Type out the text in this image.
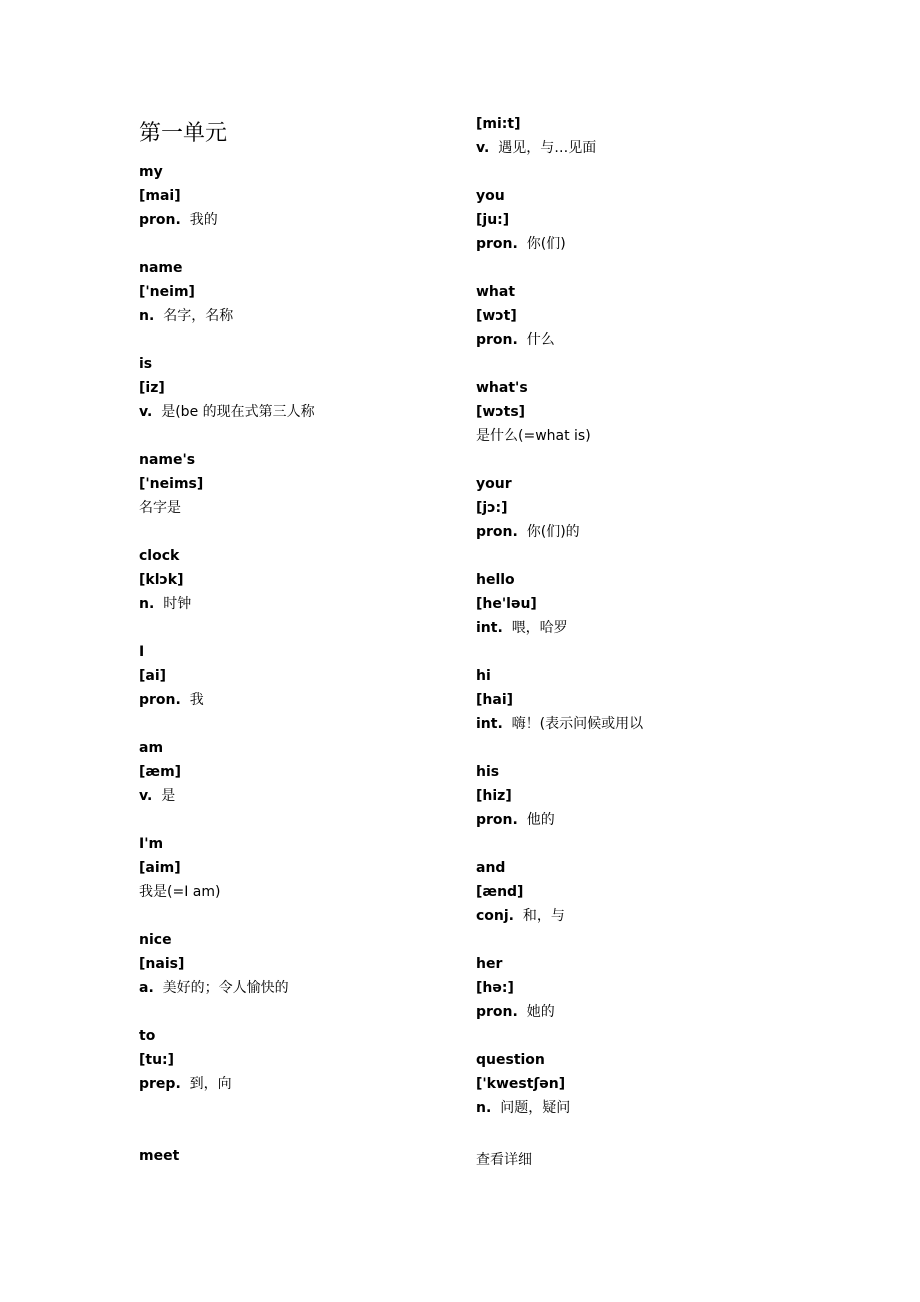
第一单元
my
[mai]
pron. 我的
name
['neim]
n. 名字，名称
is
[iz]
v. 是(be 的现在式第三人称
name's
['neims]
名字是
clock
[klɔk]
n. 时钟
I
[ai]
pron. 我
am
[æm]
v. 是
I'm
[aim]
我是(=I am)
nice
[nais]
a. 美好的；令人愉快的
to
[tu:]
prep. 到，向
meet
[mi:t]
v. 遇见，与…见面
you
[ju:]
pron. 你(们)
what
[wɔt]
pron. 什么
what's
[wɔts]
是什么(=what is)
your
[jɔ:]
pron. 你(们)的
hello
[he'ləu]
int. 喂，哈罗
hi
[hai]
int. 嗨！(表示问候或用以
his
[hiz]
pron. 他的
and
[ænd]
conj. 和，与
her
[hə:]
pron. 她的
question
['kwestʃən]
n. 问题，疑问
查看详细
